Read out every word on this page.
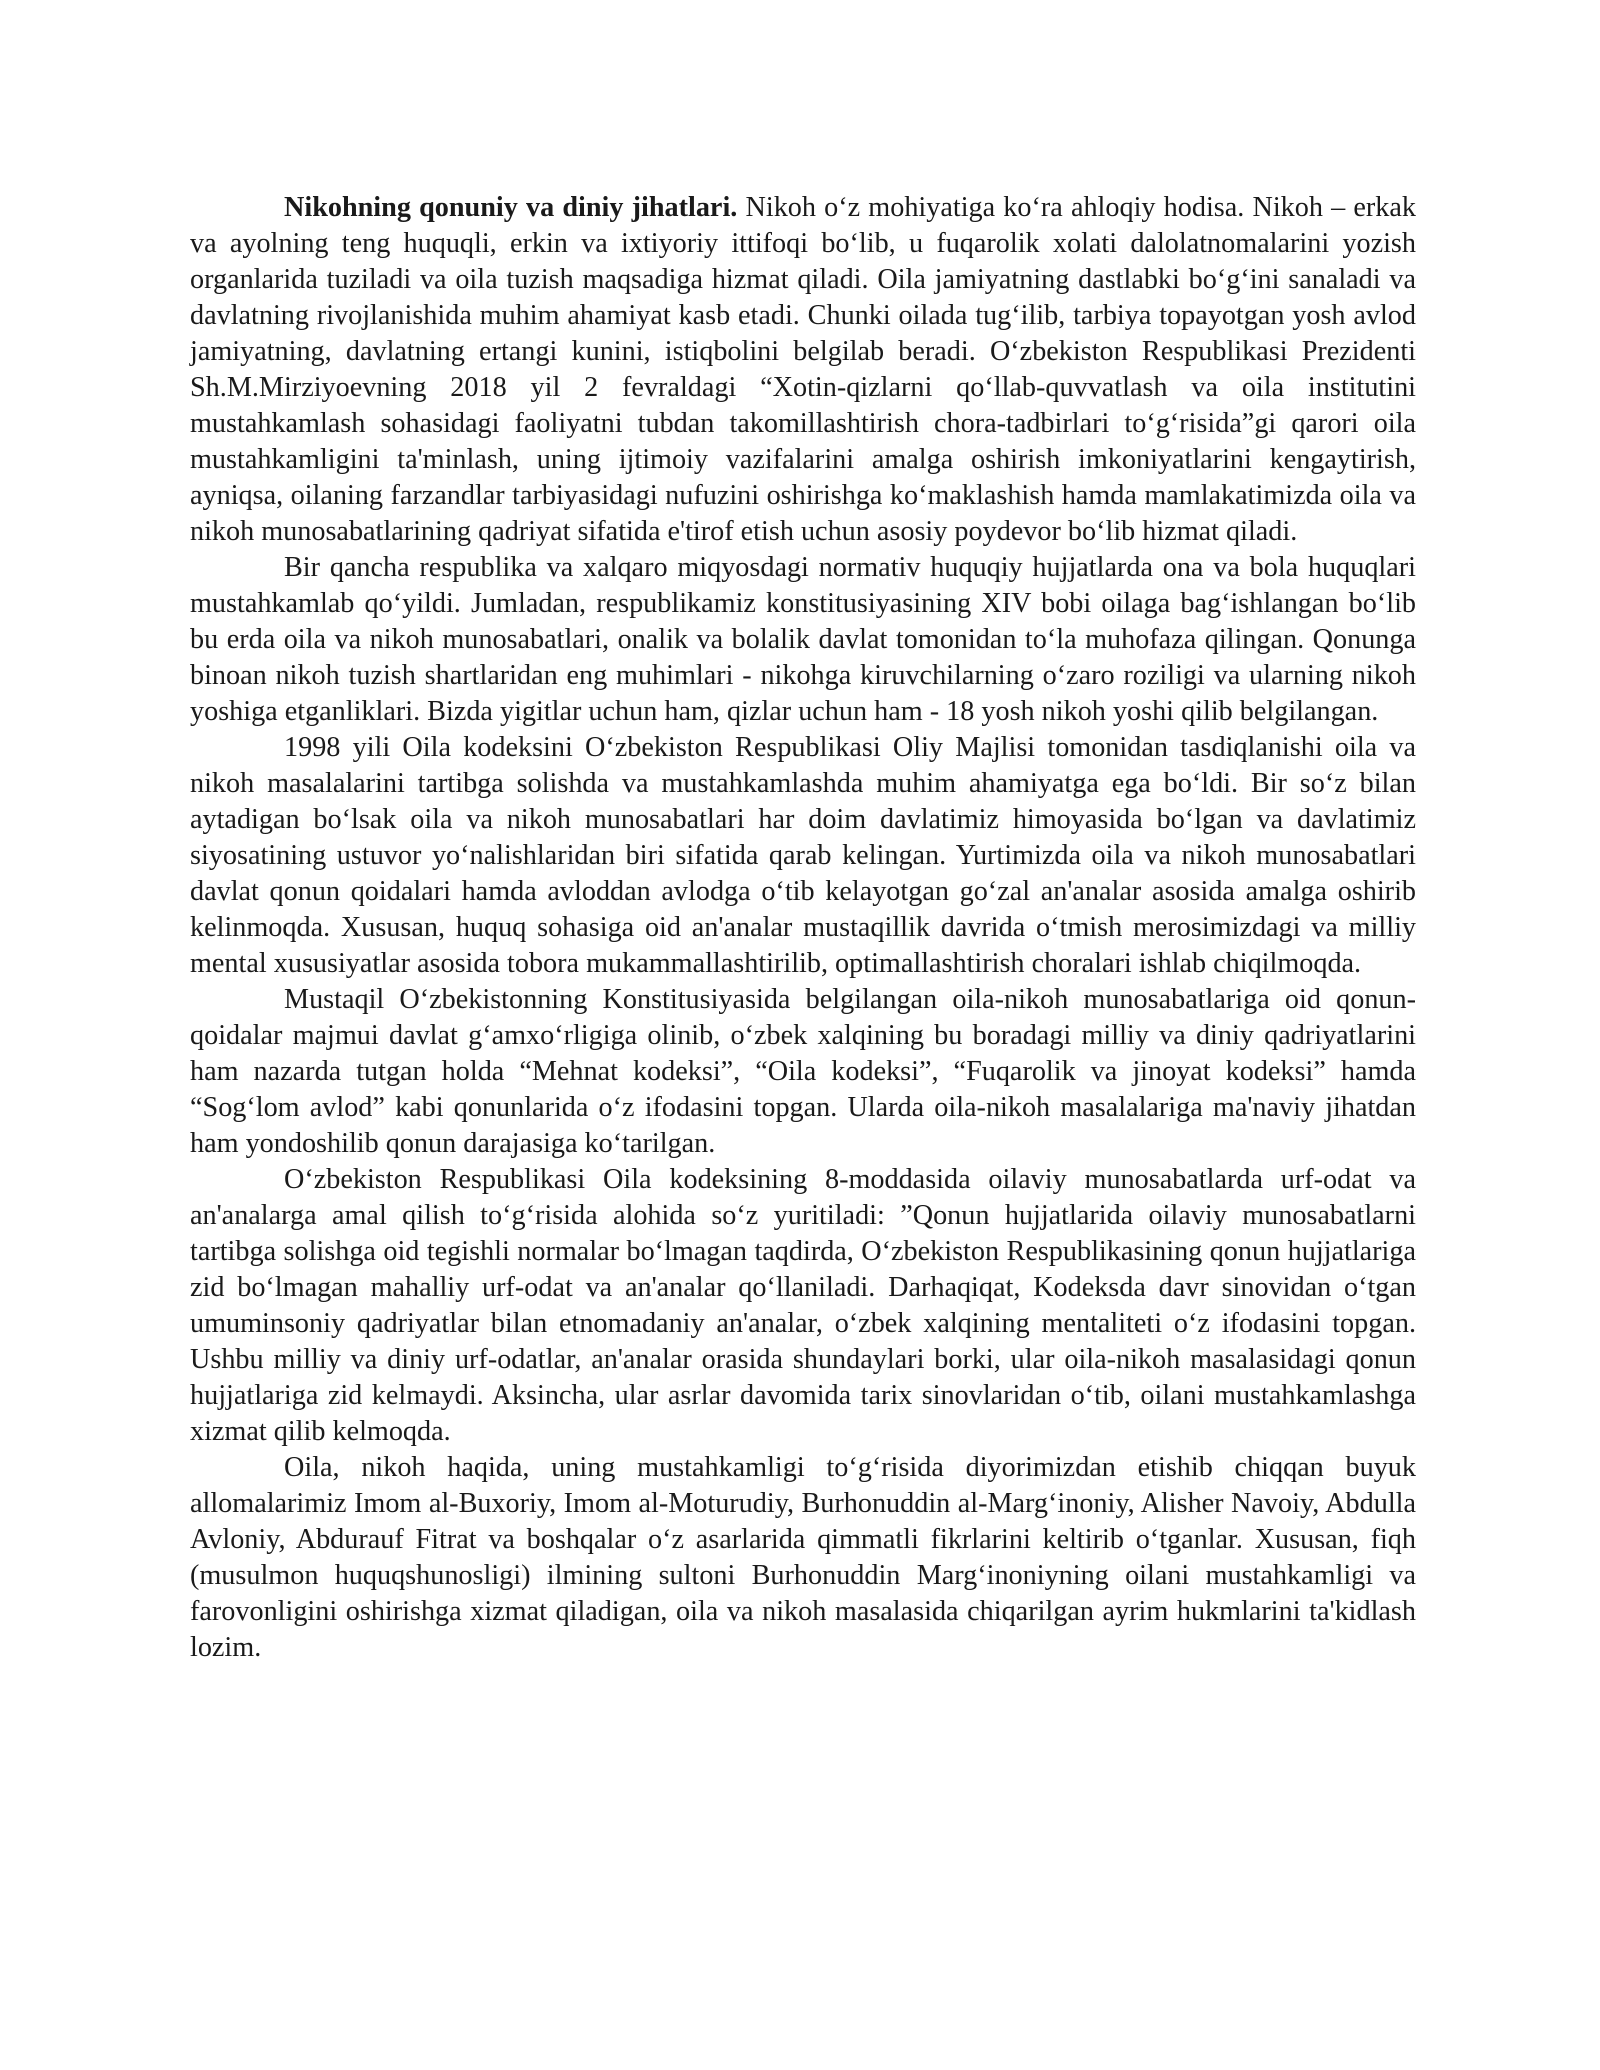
Nikohning qonuniy va diniy jihatlari. Nikoh oʻz mohiyatiga koʻra ahloqiy hodisa. Nikoh – erkak va ayolning teng huquqli, erkin va ixtiyoriy ittifoqi boʻlib, u fuqarolik xolati dalolatnomalarini yozish organlarida tuziladi va oila tuzish maqsadiga hizmat qiladi. Oila jamiyatning dastlabki boʻgʻini sanaladi va davlatning rivojlanishida muhim ahamiyat kasb etadi. Chunki oilada tugʻilib, tarbiya topayotgan yosh avlod jamiyatning, davlatning ertangi kunini, istiqbolini belgilab beradi. Oʻzbekiston Respublikasi Prezidenti Sh.M.Mirziyoevning 2018 yil 2 fevraldagi “Xotin-qizlarni qoʻllab-quvvatlash va oila institutini mustahkamlash sohasidagi faoliyatni tubdan takomillashtirish chora-tadbirlari toʻgʻrisida”gi qarori oila mustahkamligini ta'minlash, uning ijtimoiy vazifalarini amalga oshirish imkoniyatlarini kengaytirish, ayniqsa, oilaning farzandlar tarbiyasidagi nufuzini oshirishga koʻmaklashish hamda mamlakatimizda oila va nikoh munosabatlarining qadriyat sifatida e'tirof etish uchun asosiy poydevor boʻlib hizmat qiladi.

Bir qancha respublika va xalqaro miqyosdagi normativ huquqiy hujjatlarda ona va bola huquqlari mustahkamlab qoʻyildi. Jumladan, respublikamiz konstitusiyasining XIV bobi oilaga bagʻishlangan boʻlib bu erda oila va nikoh munosabatlari, onalik va bolalik davlat tomonidan toʻla muhofaza qilingan. Qonunga binoan nikoh tuzish shartlaridan eng muhimlari - nikohga kiruvchilarning oʻzaro roziligi va ularning nikoh yoshiga etganliklari. Bizda yigitlar uchun ham, qizlar uchun ham - 18 yosh nikoh yoshi qilib belgilangan.

1998 yili Oila kodeksini Oʻzbekiston Respublikasi Oliy Majlisi tomonidan tasdiqlanishi oila va nikoh masalalarini tartibga solishda va mustahkamlashda muhim ahamiyatga ega boʻldi. Bir soʻz bilan aytadigan boʻlsak oila va nikoh munosabatlari har doim davlatimiz himoyasida boʻlgan va davlatimiz siyosatining ustuvor yoʻnalishlaridan biri sifatida qarab kelingan. Yurtimizda oila va nikoh munosabatlari davlat qonun qoidalari hamda avloddan avlodga oʻtib kelayotgan goʻzal an'analar asosida amalga oshirib kelinmoqda. Xususan, huquq sohasiga oid an'analar mustaqillik davrida oʻtmish merosimizdagi va milliy mental xususiyatlar asosida tobora mukammallashtirilib, optimallashtirish choralari ishlab chiqilmoqda.

Mustaqil Oʻzbekistonning Konstitusiyasida belgilangan oila-nikoh munosabatlariga oid qonun-qoidalar majmui davlat gʻamxoʻrligiga olinib, oʻzbek xalqining bu boradagi milliy va diniy qadriyatlarini ham nazarda tutgan holda “Mehnat kodeksi”, “Oila kodeksi”, “Fuqarolik va jinoyat kodeksi” hamda “Sogʻlom avlod” kabi qonunlarida oʻz ifodasini topgan. Ularda oila-nikoh masalalariga ma'naviy jihatdan ham yondoshilib qonun darajasiga koʻtarilgan.

Oʻzbekiston Respublikasi Oila kodeksining 8-moddasida oilaviy munosabatlarda urf-odat va an'analarga amal qilish toʻgʻrisida alohida soʻz yuritiladi: ”Qonun hujjatlarida oilaviy munosabatlarni tartibga solishga oid tegishli normalar boʻlmagan taqdirda, Oʻzbekiston Respublikasining qonun hujjatlariga zid boʻlmagan mahalliy urf-odat va an'analar qoʻllaniladi. Darhaqiqat, Kodeksda davr sinovidan oʻtgan umuminsoniy qadriyatlar bilan etnomadaniy an'analar, oʻzbek xalqining mentaliteti oʻz ifodasini topgan. Ushbu milliy va diniy urf-odatlar, an'analar orasida shundaylari borki, ular oila-nikoh masalasidagi qonun hujjatlariga zid kelmaydi. Aksincha, ular asrlar davomida tarix sinovlaridan oʻtib, oilani mustahkamlashga xizmat qilib kelmoqda.

Oila, nikoh haqida, uning mustahkamligi toʻgʻrisida diyorimizdan etishib chiqqan buyuk allomalarimiz Imom al-Buxoriy, Imom al-Moturudiy, Burhonuddin al-Margʻinoniy, Alisher Navoiy, Abdulla Avloniy, Abdurauf Fitrat va boshqalar oʻz asarlarida qimmatli fikrlarini keltirib oʻtganlar. Xususan, fiqh (musulmon huquqshunosligi) ilmining sultoni Burhonuddin Margʻinoniyning oilani mustahkamligi va farovonligini oshirishga xizmat qiladigan, oila va nikoh masalasida chiqarilgan ayrim hukmlarini ta'kidlash lozim.
